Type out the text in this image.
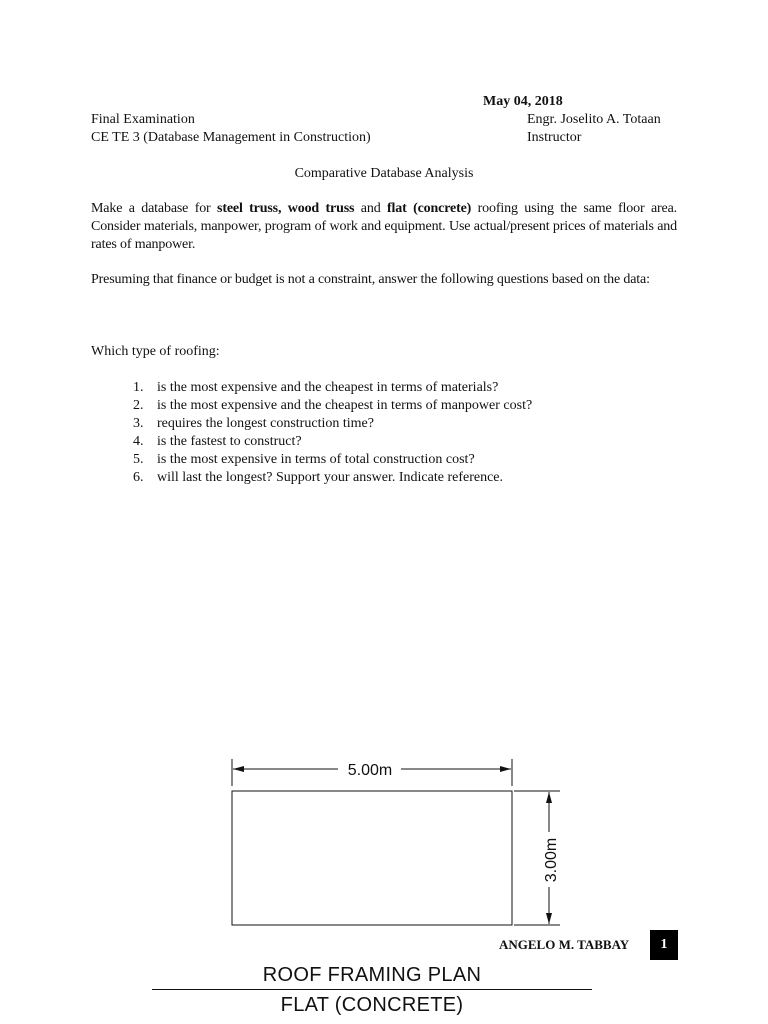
May 04, 2018
Final Examination
CE TE 3 (Database Management in Construction)
Engr. Joselito A. Totaan
Instructor
Comparative Database Analysis
Make a database for steel truss, wood truss and flat (concrete) roofing using the same floor area. Consider materials, manpower, program of work and equipment. Use actual/present prices of materials and rates of manpower.
Presuming that finance or budget is not a constraint, answer the following questions based on the data:
Which type of roofing:
1. is the most expensive and the cheapest in terms of materials?
2. is the most expensive and the cheapest in terms of manpower cost?
3. requires the longest construction time?
4. is the fastest to construct?
5. is the most expensive in terms of total construction cost?
6. will last the longest? Support your answer. Indicate reference.
5.00m
3.00m
ANGELO M. TABBAY	1
ROOF FRAMING PLAN
FLAT (CONCRETE)
